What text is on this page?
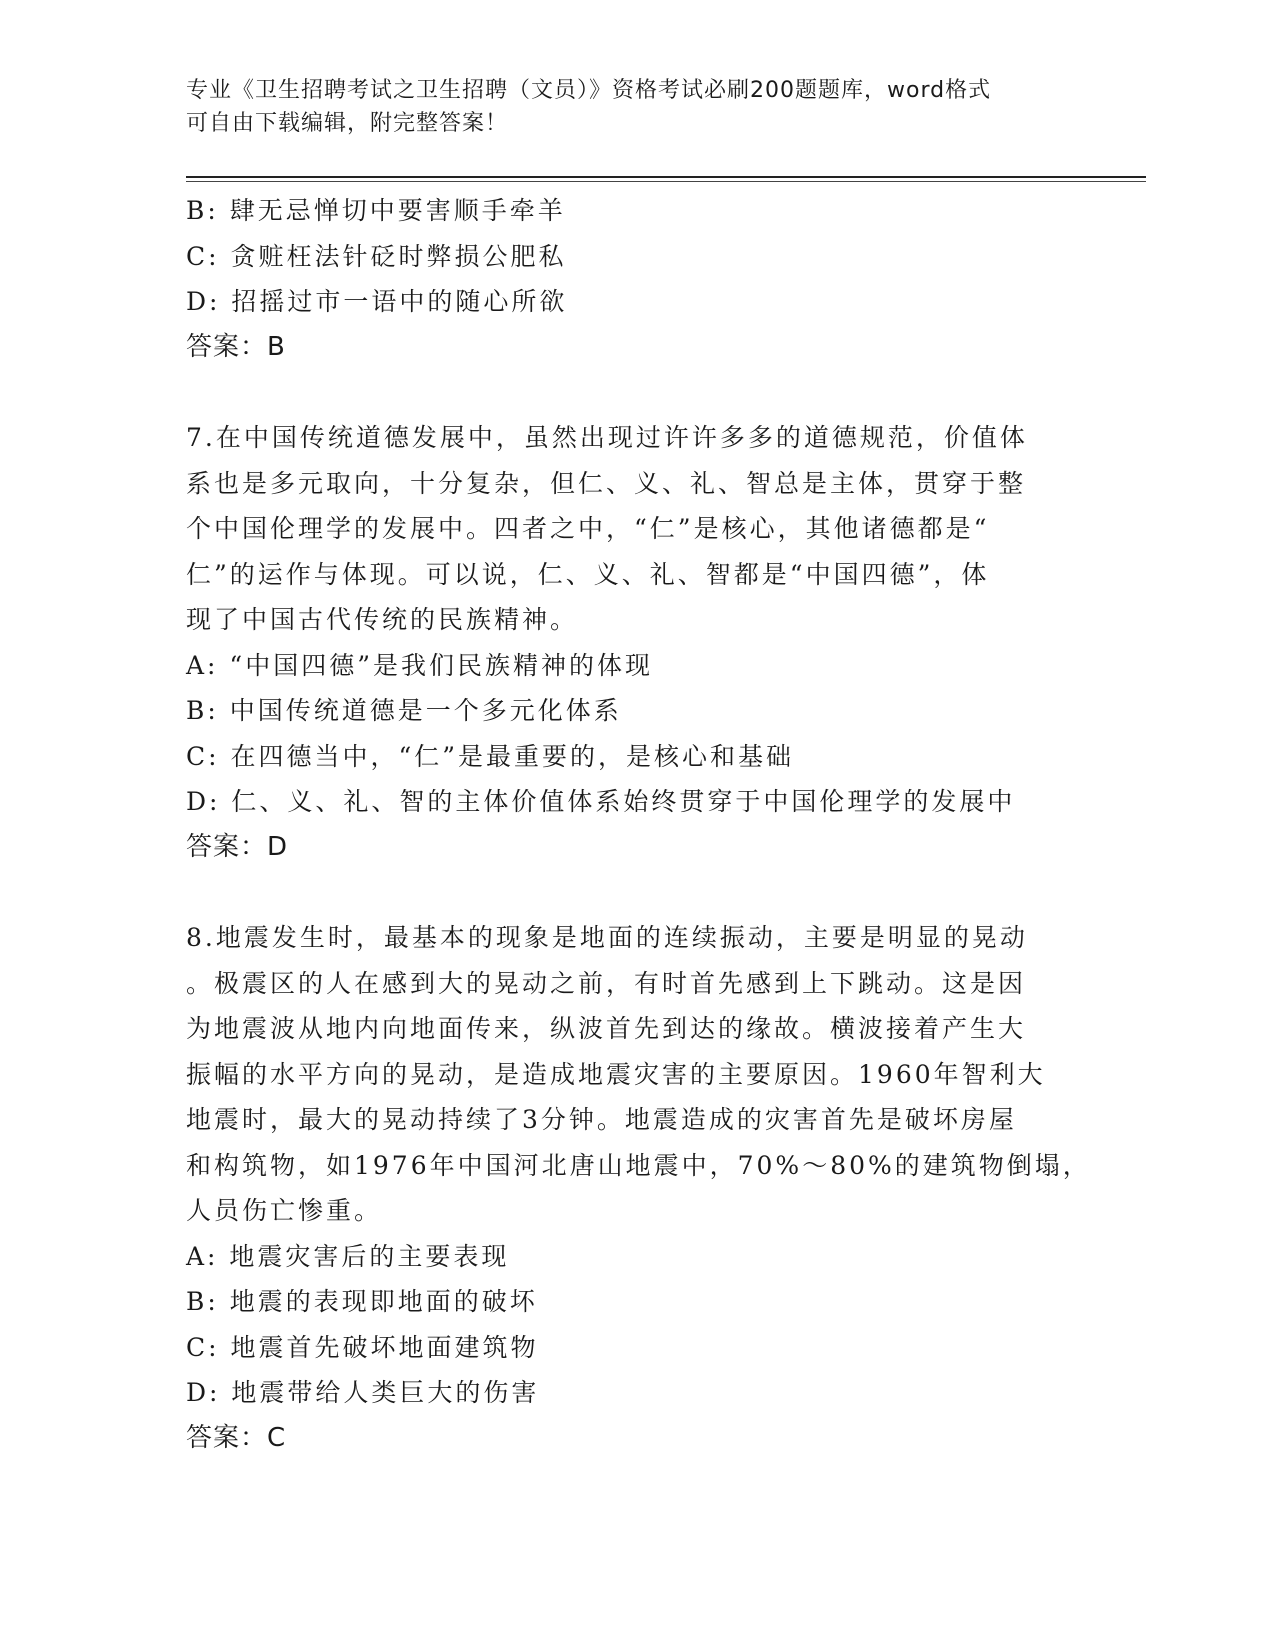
专业《卫生招聘考试之卫生招聘（文员）》资格考试必刷200题题库，word格式
可自由下载编辑，附完整答案！
B: 肆无忌惮切中要害顺手牵羊
C: 贪赃枉法针砭时弊损公肥私
D: 招摇过市一语中的随心所欲
答案：B
7.在中国传统道德发展中，虽然出现过许许多多的道德规范，价值体
系也是多元取向，十分复杂，但仁、义、礼、智总是主体，贯穿于整
个中国伦理学的发展中。四者之中，“仁”是核心，其他诸德都是“
仁”的运作与体现。可以说，仁、义、礼、智都是“中国四德”，体
现了中国古代传统的民族精神。
A: “中国四德”是我们民族精神的体现
B: 中国传统道德是一个多元化体系
C: 在四德当中，“仁”是最重要的，是核心和基础
D: 仁、义、礼、智的主体价值体系始终贯穿于中国伦理学的发展中
答案：D
8.地震发生时，最基本的现象是地面的连续振动，主要是明显的晃动
。极震区的人在感到大的晃动之前，有时首先感到上下跳动。这是因
为地震波从地内向地面传来，纵波首先到达的缘故。横波接着产生大
振幅的水平方向的晃动，是造成地震灾害的主要原因。1960年智利大
地震时，最大的晃动持续了3分钟。地震造成的灾害首先是破坏房屋
和构筑物，如1976年中国河北唐山地震中，70%～80%的建筑物倒塌，
人员伤亡惨重。
A: 地震灾害后的主要表现
B: 地震的表现即地面的破坏
C: 地震首先破坏地面建筑物
D: 地震带给人类巨大的伤害
答案：C
